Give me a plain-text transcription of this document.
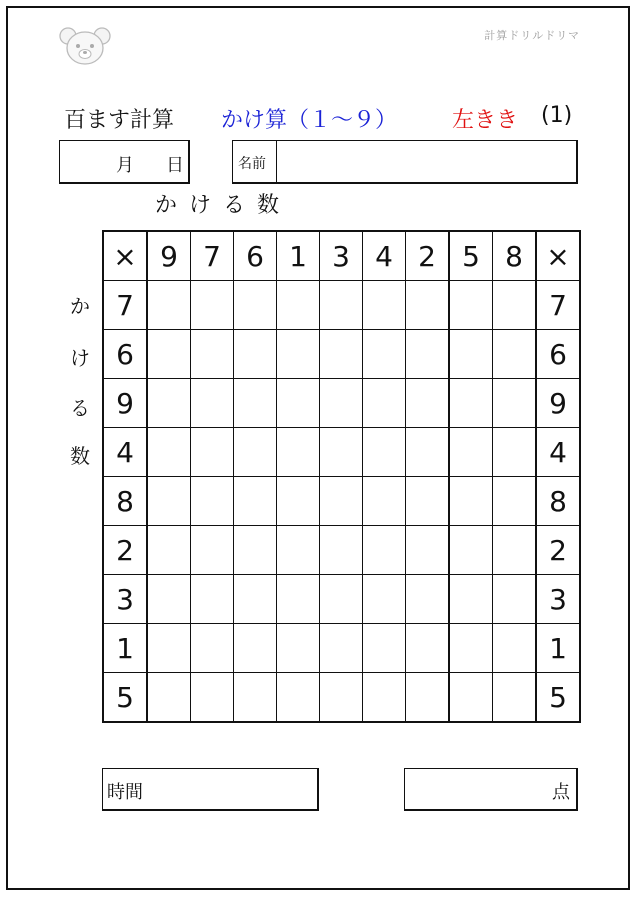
計算ドリルドリマ
百ます計算 かけ算（１～９） 左きき (1)
月 日	名前
かける数
か
け
る
数
×	9	7	6	1	3	4	2	5	8	×
7										7
6										6
9										9
4										4
8										8
2										2
3										3
1										1
5										5
時間	点
